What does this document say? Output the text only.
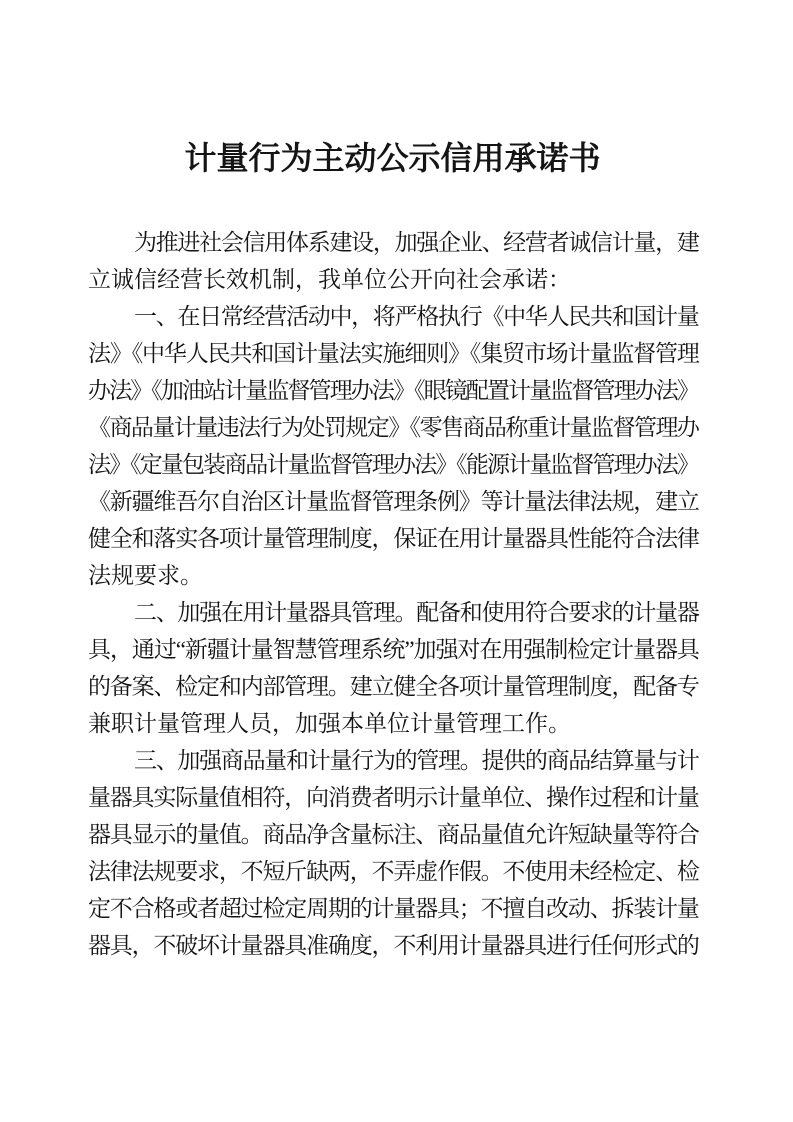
计量行为主动公示信用承诺书
为推进社会信用体系建设，加强企业、经营者诚信计量，建
立诚信经营长效机制，我单位公开向社会承诺：
一、在日常经营活动中，将严格执行《中华人民共和国计量
法》《中华人民共和国计量法实施细则》《集贸市场计量监督管理
办法》《加油站计量监督管理办法》《眼镜配置计量监督管理办法》
《商品量计量违法行为处罚规定》《零售商品称重计量监督管理办
法》《定量包装商品计量监督管理办法》《能源计量监督管理办法》
《新疆维吾尔自治区计量监督管理条例》等计量法律法规，建立
健全和落实各项计量管理制度，保证在用计量器具性能符合法律
法规要求。
二、加强在用计量器具管理。配备和使用符合要求的计量器
具，通过“新疆计量智慧管理系统”加强对在用强制检定计量器具
的备案、检定和内部管理。建立健全各项计量管理制度，配备专
兼职计量管理人员，加强本单位计量管理工作。
三、加强商品量和计量行为的管理。提供的商品结算量与计
量器具实际量值相符，向消费者明示计量单位、操作过程和计量
器具显示的量值。商品净含量标注、商品量值允许短缺量等符合
法律法规要求，不短斤缺两，不弄虚作假。不使用未经检定、检
定不合格或者超过检定周期的计量器具；不擅自改动、拆装计量
器具，不破坏计量器具准确度，不利用计量器具进行任何形式的
